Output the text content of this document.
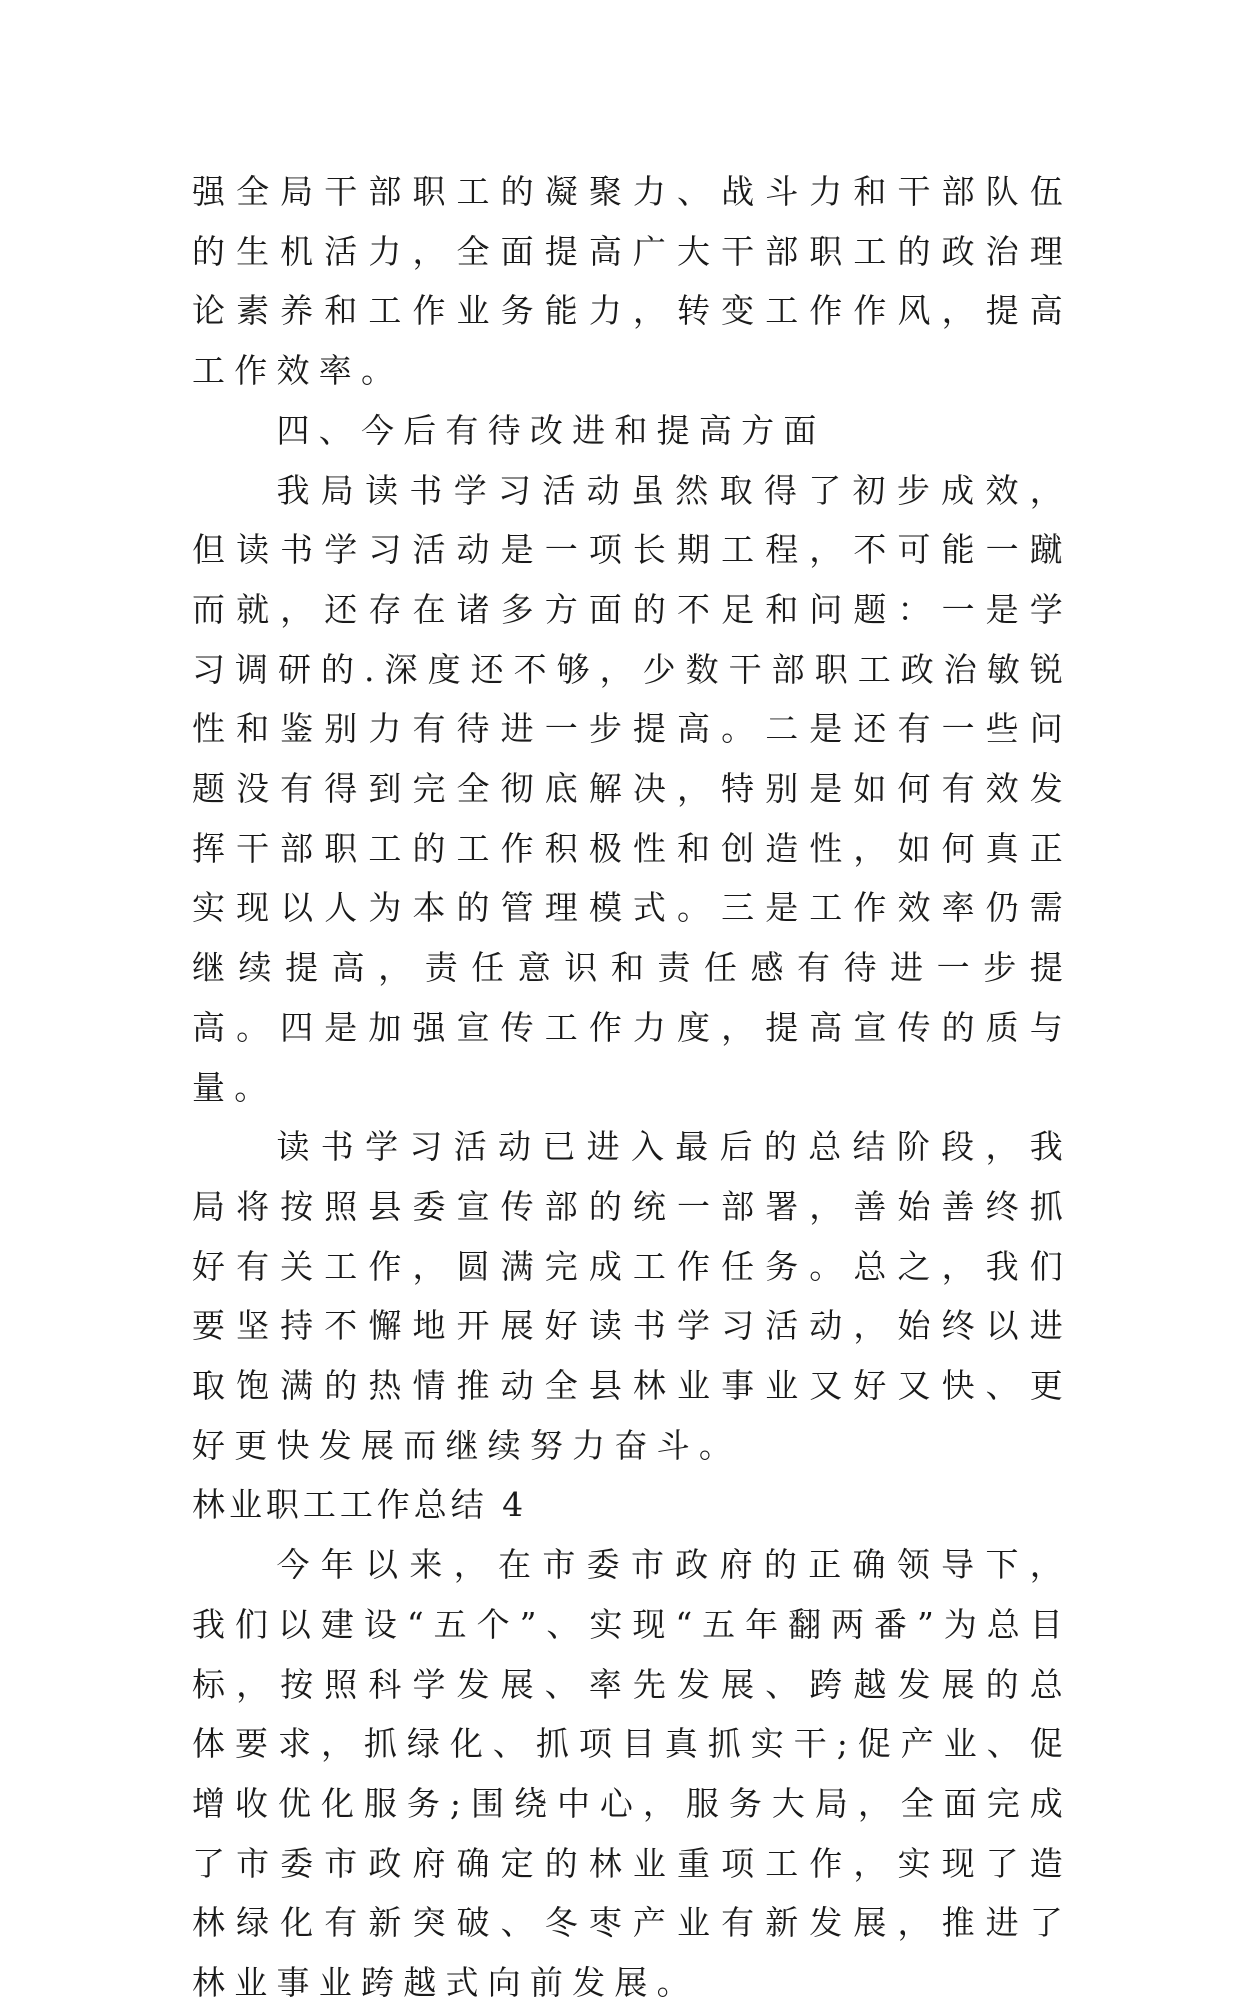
强全局干部职工的凝聚力、战斗力和干部队伍的生机活力，全面提高广大干部职工的政治理论素养和工作业务能力，转变工作作风，提高工作效率。

四、今后有待改进和提高方面

我局读书学习活动虽然取得了初步成效，但读书学习活动是一项长期工程，不可能一蹴而就，还存在诸多方面的不足和问题：一是学习调研的.深度还不够，少数干部职工政治敏锐性和鉴别力有待进一步提高。二是还有一些问题没有得到完全彻底解决，特别是如何有效发挥干部职工的工作积极性和创造性，如何真正实现以人为本的管理模式。三是工作效率仍需继续提高，责任意识和责任感有待进一步提高。四是加强宣传工作力度，提高宣传的质与量。

读书学习活动已进入最后的总结阶段，我局将按照县委宣传部的统一部署，善始善终抓好有关工作，圆满完成工作任务。总之，我们要坚持不懈地开展好读书学习活动，始终以进取饱满的热情推动全县林业事业又好又快、更好更快发展而继续努力奋斗。

林业职工工作总结 4

今年以来，在市委市政府的正确领导下，我们以建设“五个”、实现“五年翻两番”为总目标，按照科学发展、率先发展、跨越发展的总体要求，抓绿化、抓项目真抓实干;促产业、促增收优化服务;围绕中心，服务大局，全面完成了市委市政府确定的林业重项工作，实现了造林绿化有新突破、冬枣产业有新发展，推进了林业事业跨越式向前发展。
